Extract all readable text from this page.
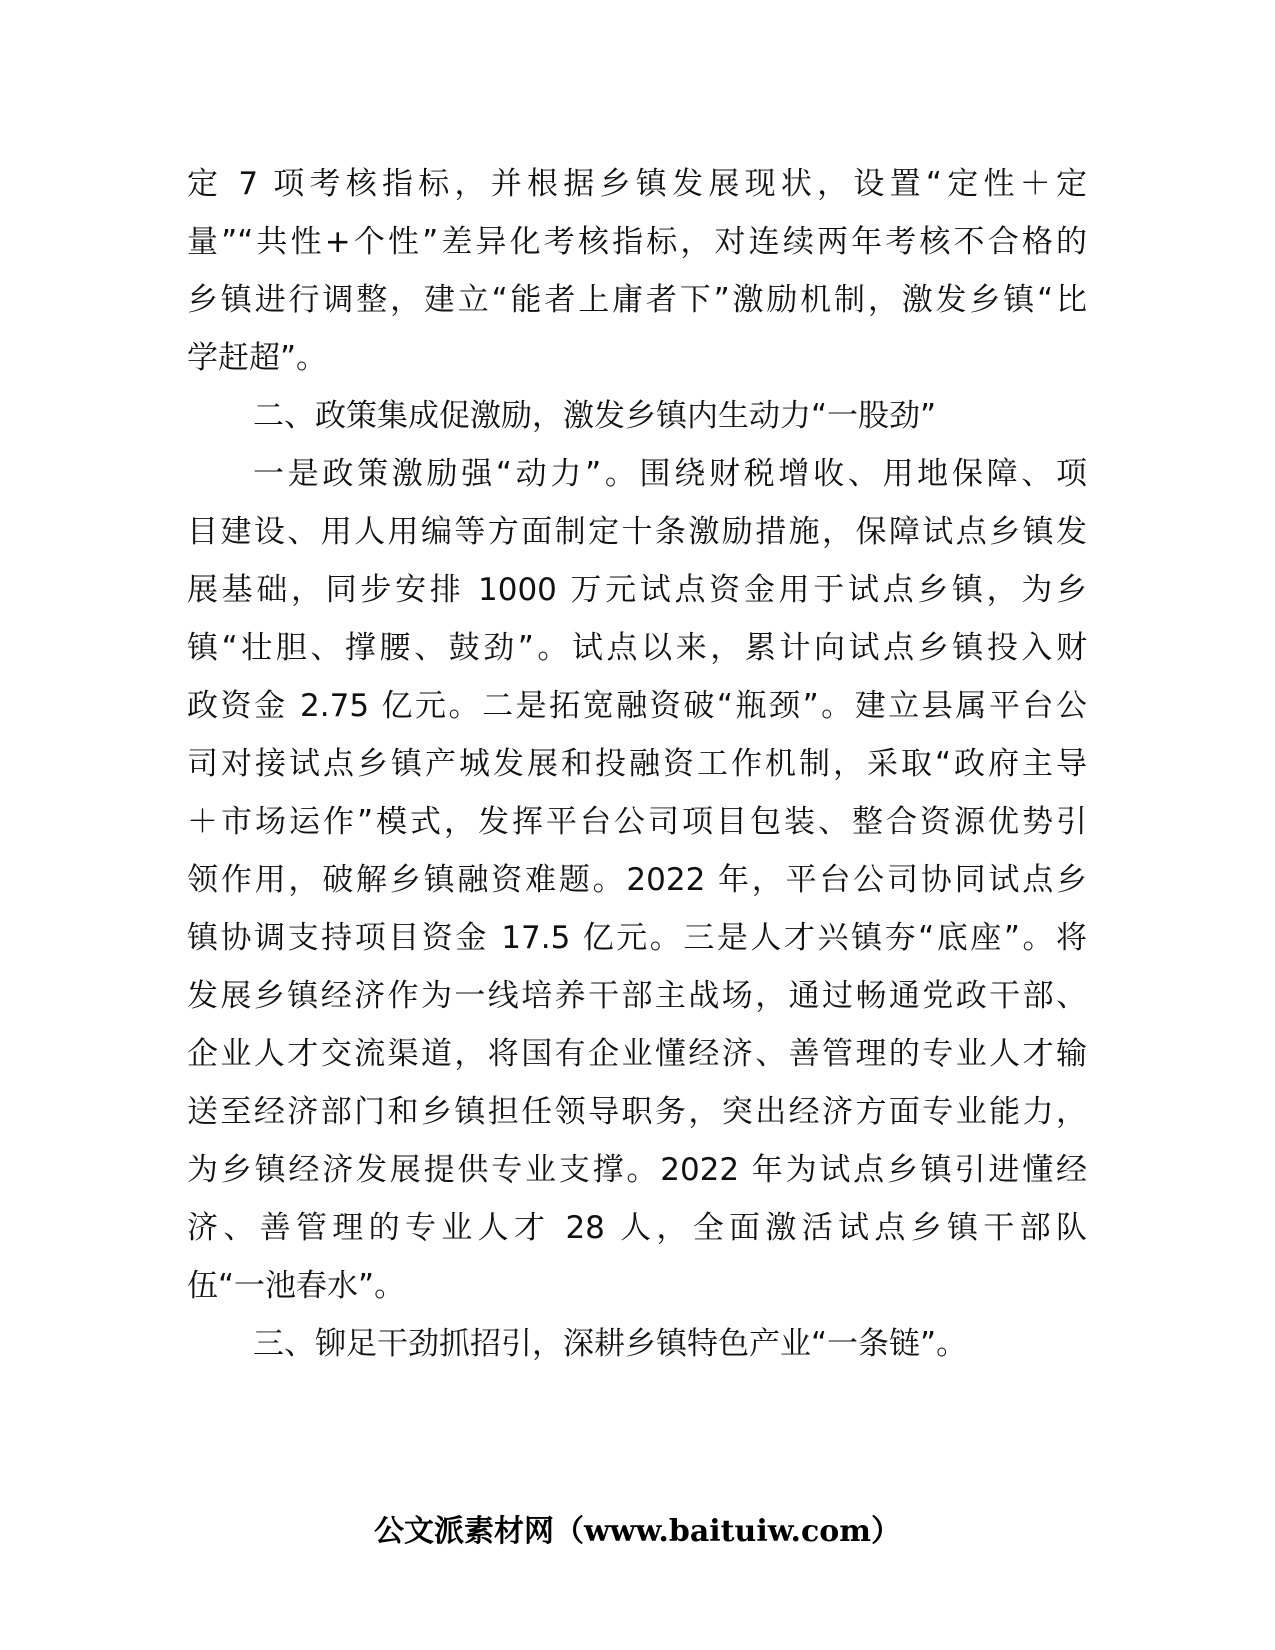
定 7 项考核指标，并根据乡镇发展现状，设置“定性＋定
量”“共性+个性”差异化考核指标，对连续两年考核不合格的
乡镇进行调整，建立“能者上庸者下”激励机制，激发乡镇“比
学赶超”。
二、政策集成促激励，激发乡镇内生动力“一股劲”
一是政策激励强“动力”。围绕财税增收、用地保障、项
目建设、用人用编等方面制定十条激励措施，保障试点乡镇发
展基础，同步安排 1000 万元试点资金用于试点乡镇，为乡
镇“壮胆、撑腰、鼓劲”。试点以来，累计向试点乡镇投入财
政资金 2.75 亿元。二是拓宽融资破“瓶颈”。建立县属平台公
司对接试点乡镇产城发展和投融资工作机制，采取“政府主导
＋市场运作”模式，发挥平台公司项目包装、整合资源优势引
领作用，破解乡镇融资难题。2022 年，平台公司协同试点乡
镇协调支持项目资金 17.5 亿元。三是人才兴镇夯“底座”。将
发展乡镇经济作为一线培养干部主战场，通过畅通党政干部、
企业人才交流渠道，将国有企业懂经济、善管理的专业人才输
送至经济部门和乡镇担任领导职务，突出经济方面专业能力，
为乡镇经济发展提供专业支撑。2022 年为试点乡镇引进懂经
济、善管理的专业人才 28 人，全面激活试点乡镇干部队
伍“一池春水”。
三、铆足干劲抓招引，深耕乡镇特色产业“一条链”。
公文派素材网（www.baituiw.com）
